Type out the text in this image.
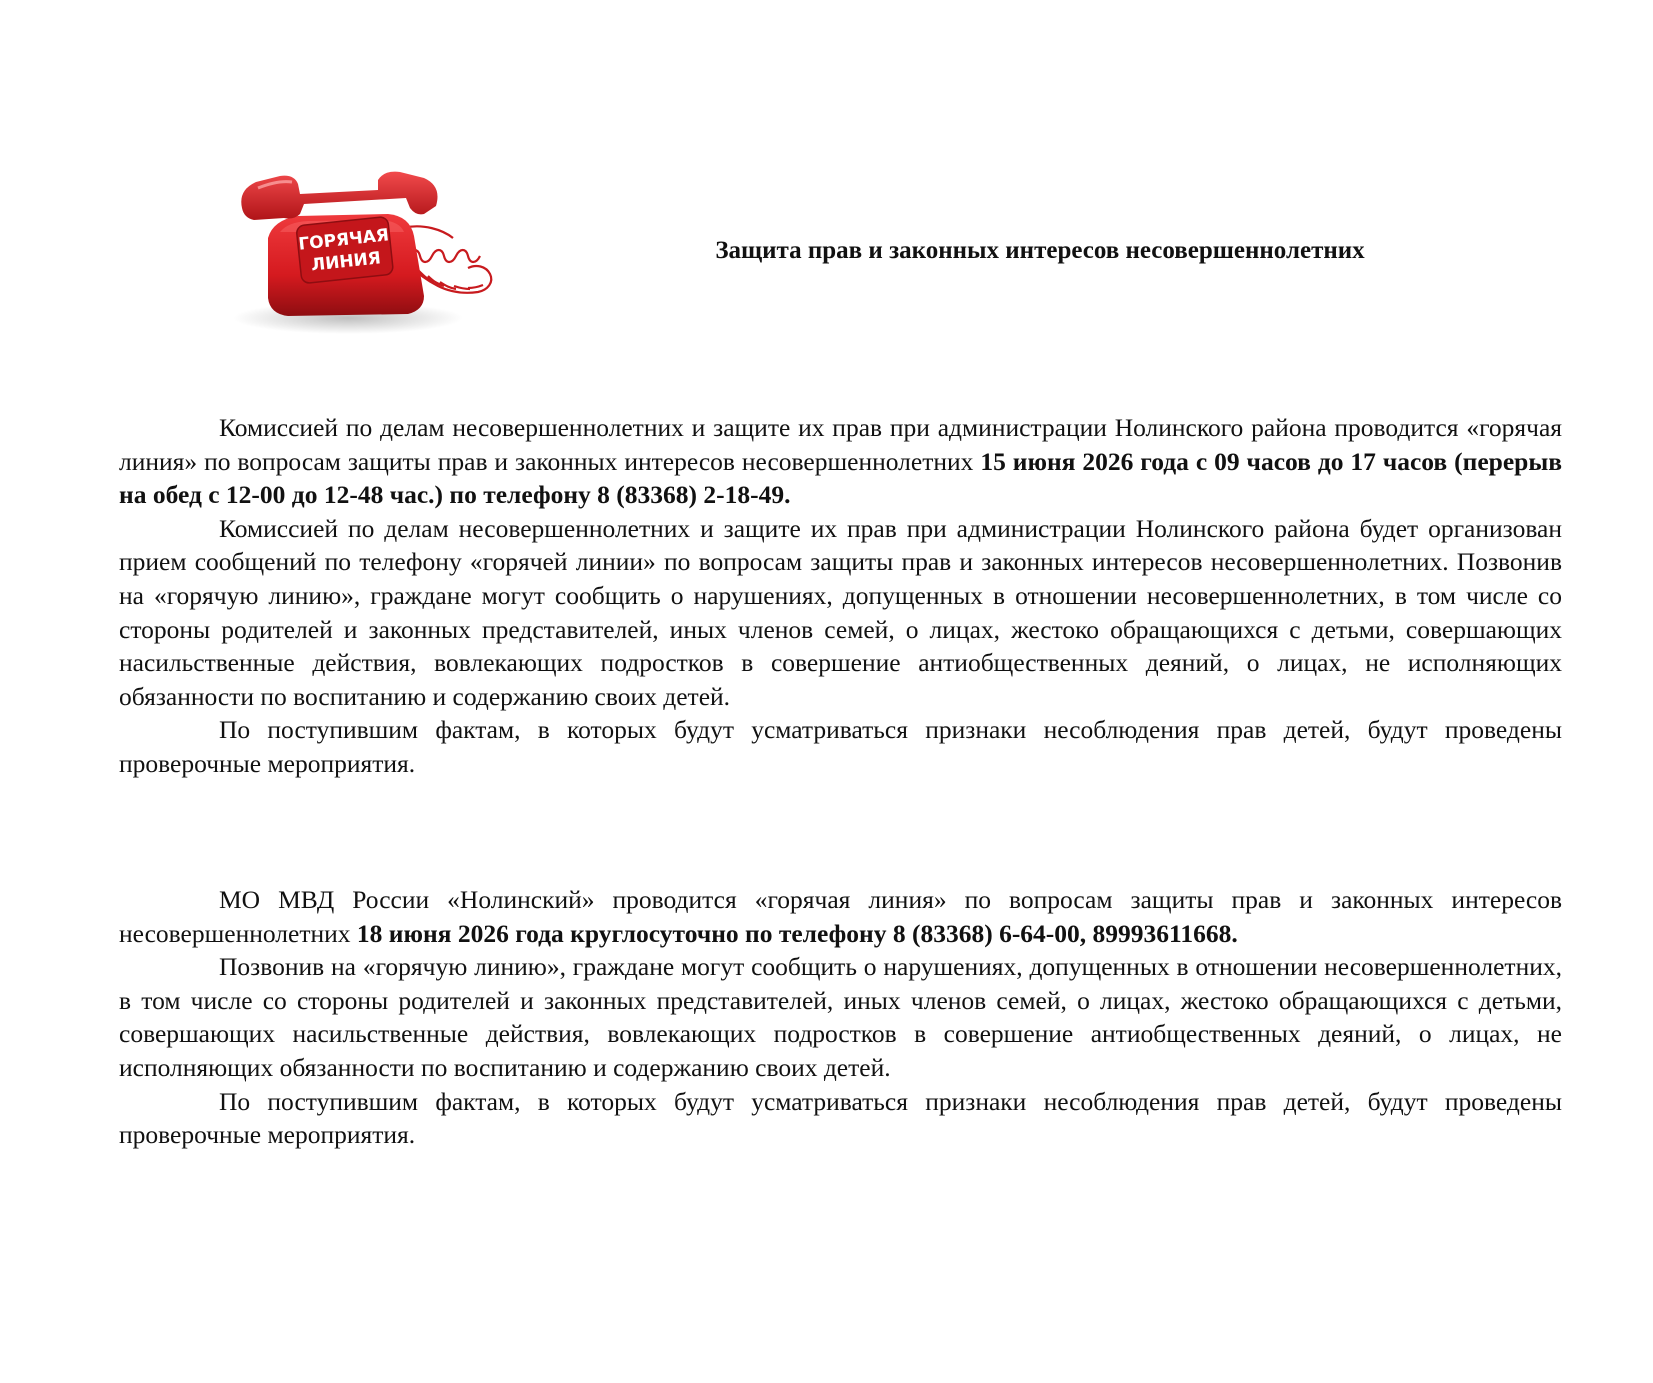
ГОРЯЧАЯ
ЛИНИЯ	Защита прав и законных интересов несовершеннолетних

Комиссией по делам несовершеннолетних и защите их прав при администрации Нолинского района проводится «горячая линия» по вопросам защиты прав и законных интересов несовершеннолетних 15 июня 2026 года с 09 часов до 17 часов (перерыв на обед с 12-00 до 12-48 час.) по телефону 8 (83368) 2-18-49.

Комиссией по делам несовершеннолетних и защите их прав при администрации Нолинского района будет организован прием сообщений по телефону «горячей линии» по вопросам защиты прав и законных интересов несовершеннолетних. Позвонив на «горячую линию», граждане могут сообщить о нарушениях, допущенных в отношении несовершеннолетних, в том числе со стороны родителей и законных представителей, иных членов семей, о лицах, жестоко обращающихся с детьми, совершающих насильственные действия, вовлекающих подростков в совершение антиобщественных деяний, о лицах, не исполняющих обязанности по воспитанию и содержанию своих детей.

По поступившим фактам, в которых будут усматриваться признаки несоблюдения прав детей, будут проведены проверочные мероприятия.

МО МВД России «Нолинский» проводится «горячая линия» по вопросам защиты прав и законных интересов несовершеннолетних 18 июня 2026 года круглосуточно по телефону 8 (83368) 6-64-00, 89993611668.

Позвонив на «горячую линию», граждане могут сообщить о нарушениях, допущенных в отношении несовершеннолетних, в том числе со стороны родителей и законных представителей, иных членов семей, о лицах, жестоко обращающихся с детьми, совершающих насильственные действия, вовлекающих подростков в совершение антиобщественных деяний, о лицах, не исполняющих обязанности по воспитанию и содержанию своих детей.

По поступившим фактам, в которых будут усматриваться признаки несоблюдения прав детей, будут проведены проверочные мероприятия.
